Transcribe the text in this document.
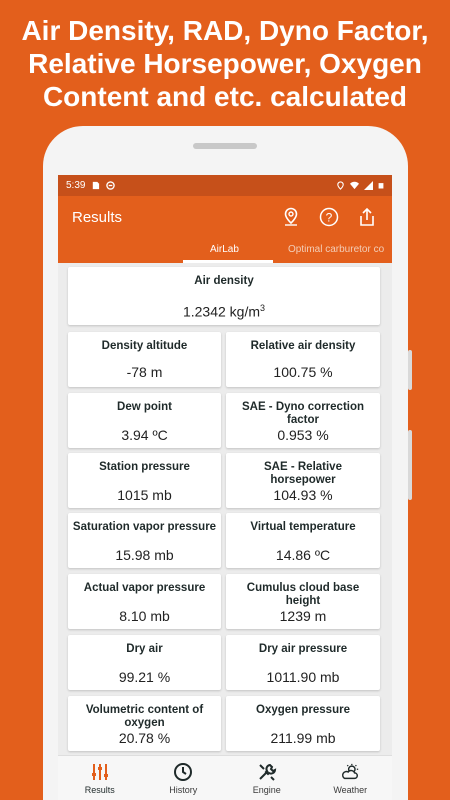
Air Density, RAD, Dyno Factor,
Relative Horsepower, Oxygen
Content and etc. calculated
5:39
Results	?
AirLab	Optimal carburetor co
Air density
1.2342 $kg/m^3$
Density altitude
-78 m
Relative air density
100.75 %
Dew point
3.94 ºC
SAE - Dyno correction factor
0.953 %
Station pressure
1015 mb
SAE - Relative horsepower
104.93 %
Saturation vapor pressure
15.98 mb
Virtual temperature
14.86 ºC
Actual vapor pressure
8.10 mb
Cumulus cloud base height
1239 m
Dry air
99.21 %
Dry air pressure
1011.90 mb
Volumetric content of oxygen
20.78 %
Oxygen pressure
211.99 mb
Results	History	Engine	Weather
